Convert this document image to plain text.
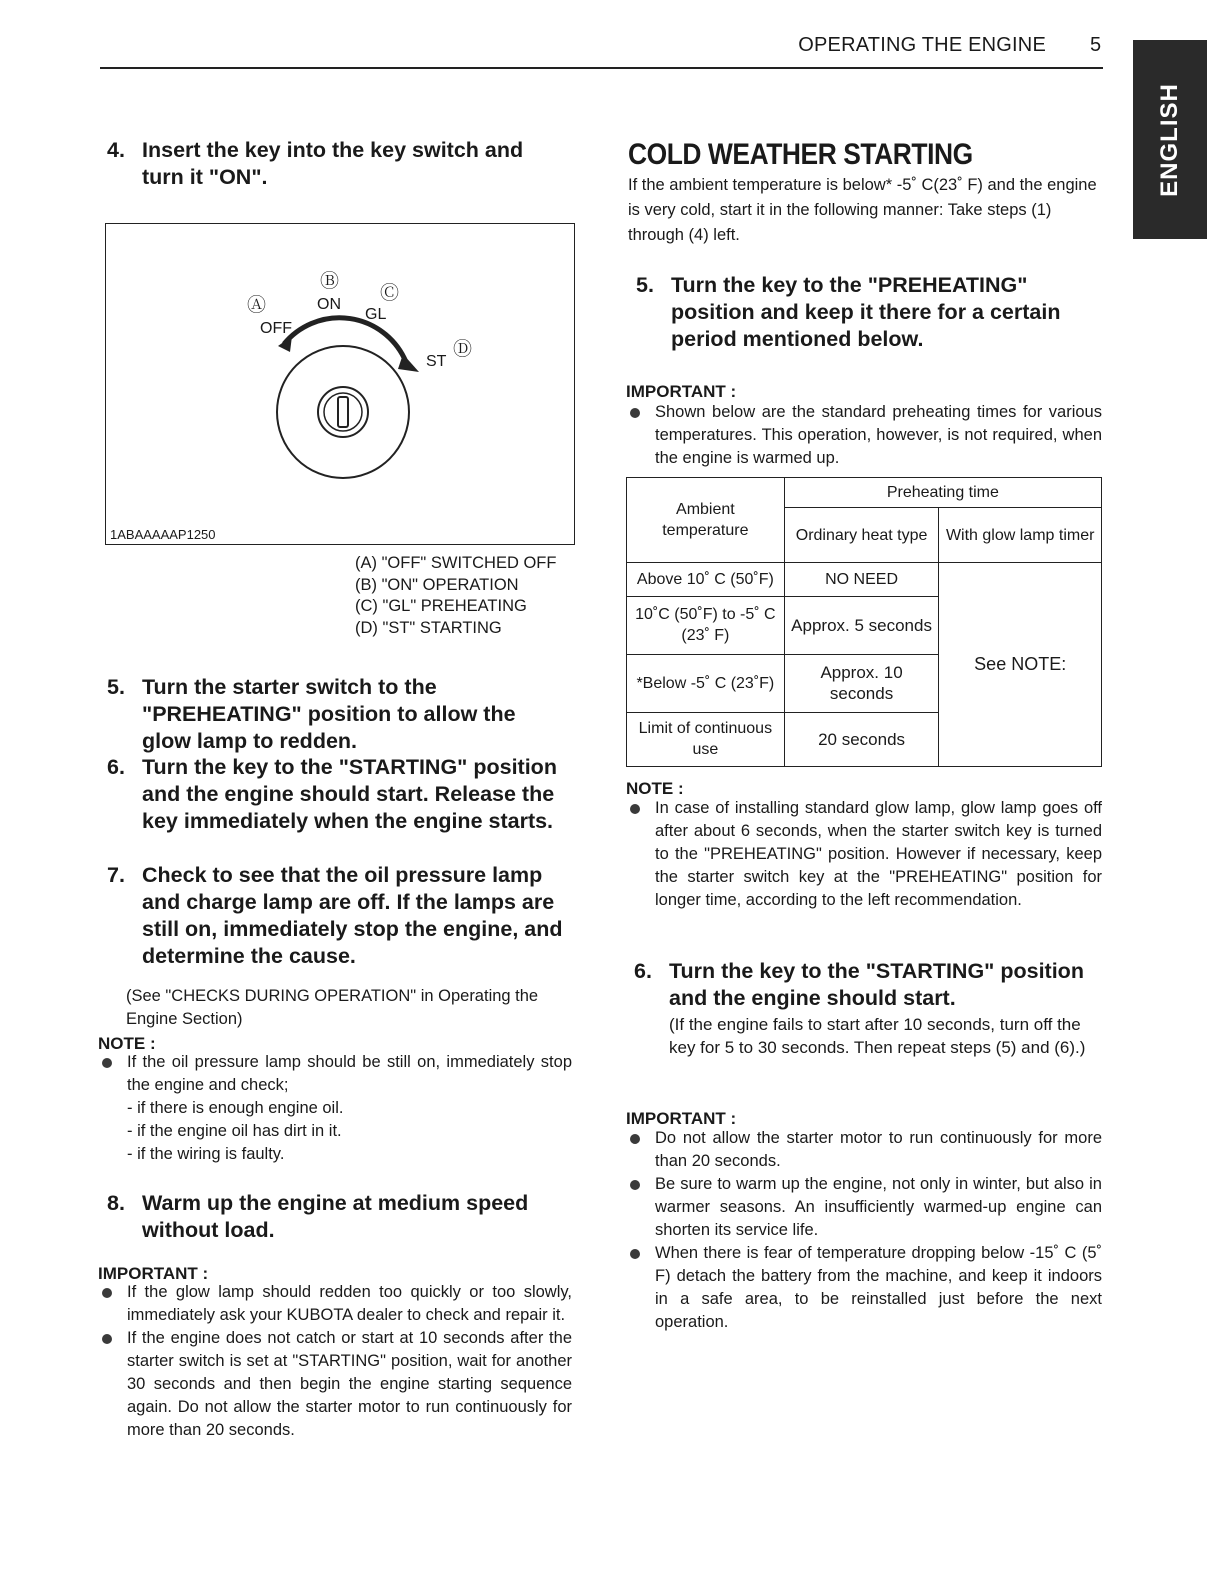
OPERATING THE ENGINE 5
ENGLISH
4. Insert the key into the key switch and turn it "ON".
Ⓐ
Ⓑ
Ⓒ
Ⓓ
OFF
ON
GL
ST
1ABAAAAAP1250
(A) "OFF" SWITCHED OFF
(B) "ON" OPERATION
(C) "GL" PREHEATING
(D) "ST" STARTING
5. Turn the starter switch to the "PREHEATING" position to allow the glow lamp to redden.
6. Turn the key to the "STARTING" position and the engine should start. Release the key immediately when the engine starts.
7. Check to see that the oil pressure lamp and charge lamp are off. If the lamps are still on, immediately stop the engine, and determine the cause.
(See "CHECKS DURING OPERATION" in Operating the Engine Section)
NOTE :
If the oil pressure lamp should be still on, immediately stop the engine and check;
- if there is enough engine oil.
- if the engine oil has dirt in it.
- if the wiring is faulty.
8. Warm up the engine at medium speed without load.
IMPORTANT :
If the glow lamp should redden too quickly or too slowly, immediately ask your KUBOTA dealer to check and repair it.
If the engine does not catch or start at 10 seconds after the starter switch is set at "STARTING" position, wait for another 30 seconds and then begin the engine starting sequence again. Do not allow the starter motor to run continuously for more than 20 seconds.
COLD WEATHER STARTING
If the ambient temperature is below* -5˚ C(23˚ F) and the engine is very cold, start it in the following manner: Take steps (1) through (4) left.
5. Turn the key to the "PREHEATING" position and keep it there for a certain period mentioned below.
IMPORTANT :
Shown below are the standard preheating times for various temperatures. This operation, however, is not required, when the engine is warmed up.
Ambient temperature	Preheating time	
	Ordinary heat type	With glow lamp timer
Above 10˚ C (50˚F)	NO NEED	See NOTE:
10˚C (50˚F) to -5˚ C (23˚ F)	Approx. 5 seconds	
*Below -5˚ C (23˚F)	Approx. 10 seconds	
Limit of continuous use	20 seconds	
NOTE :
In case of installing standard glow lamp, glow lamp goes off after about 6 seconds, when the starter switch key is turned to the "PREHEATING" position. However if necessary, keep the starter switch key at the "PREHEATING" position for longer time, according to the left recommendation.
6. Turn the key to the "STARTING" position and the engine should start.
(If the engine fails to start after 10 seconds, turn off the key for 5 to 30 seconds. Then repeat steps (5) and (6).)
IMPORTANT :
Do not allow the starter motor to run continuously for more than 20 seconds.
Be sure to warm up the engine, not only in winter, but also in warmer seasons. An insufficiently warmed-up engine can shorten its service life.
When there is fear of temperature dropping below -15˚ C (5˚ F) detach the battery from the machine, and keep it indoors in a safe area, to be reinstalled just before the next operation.
